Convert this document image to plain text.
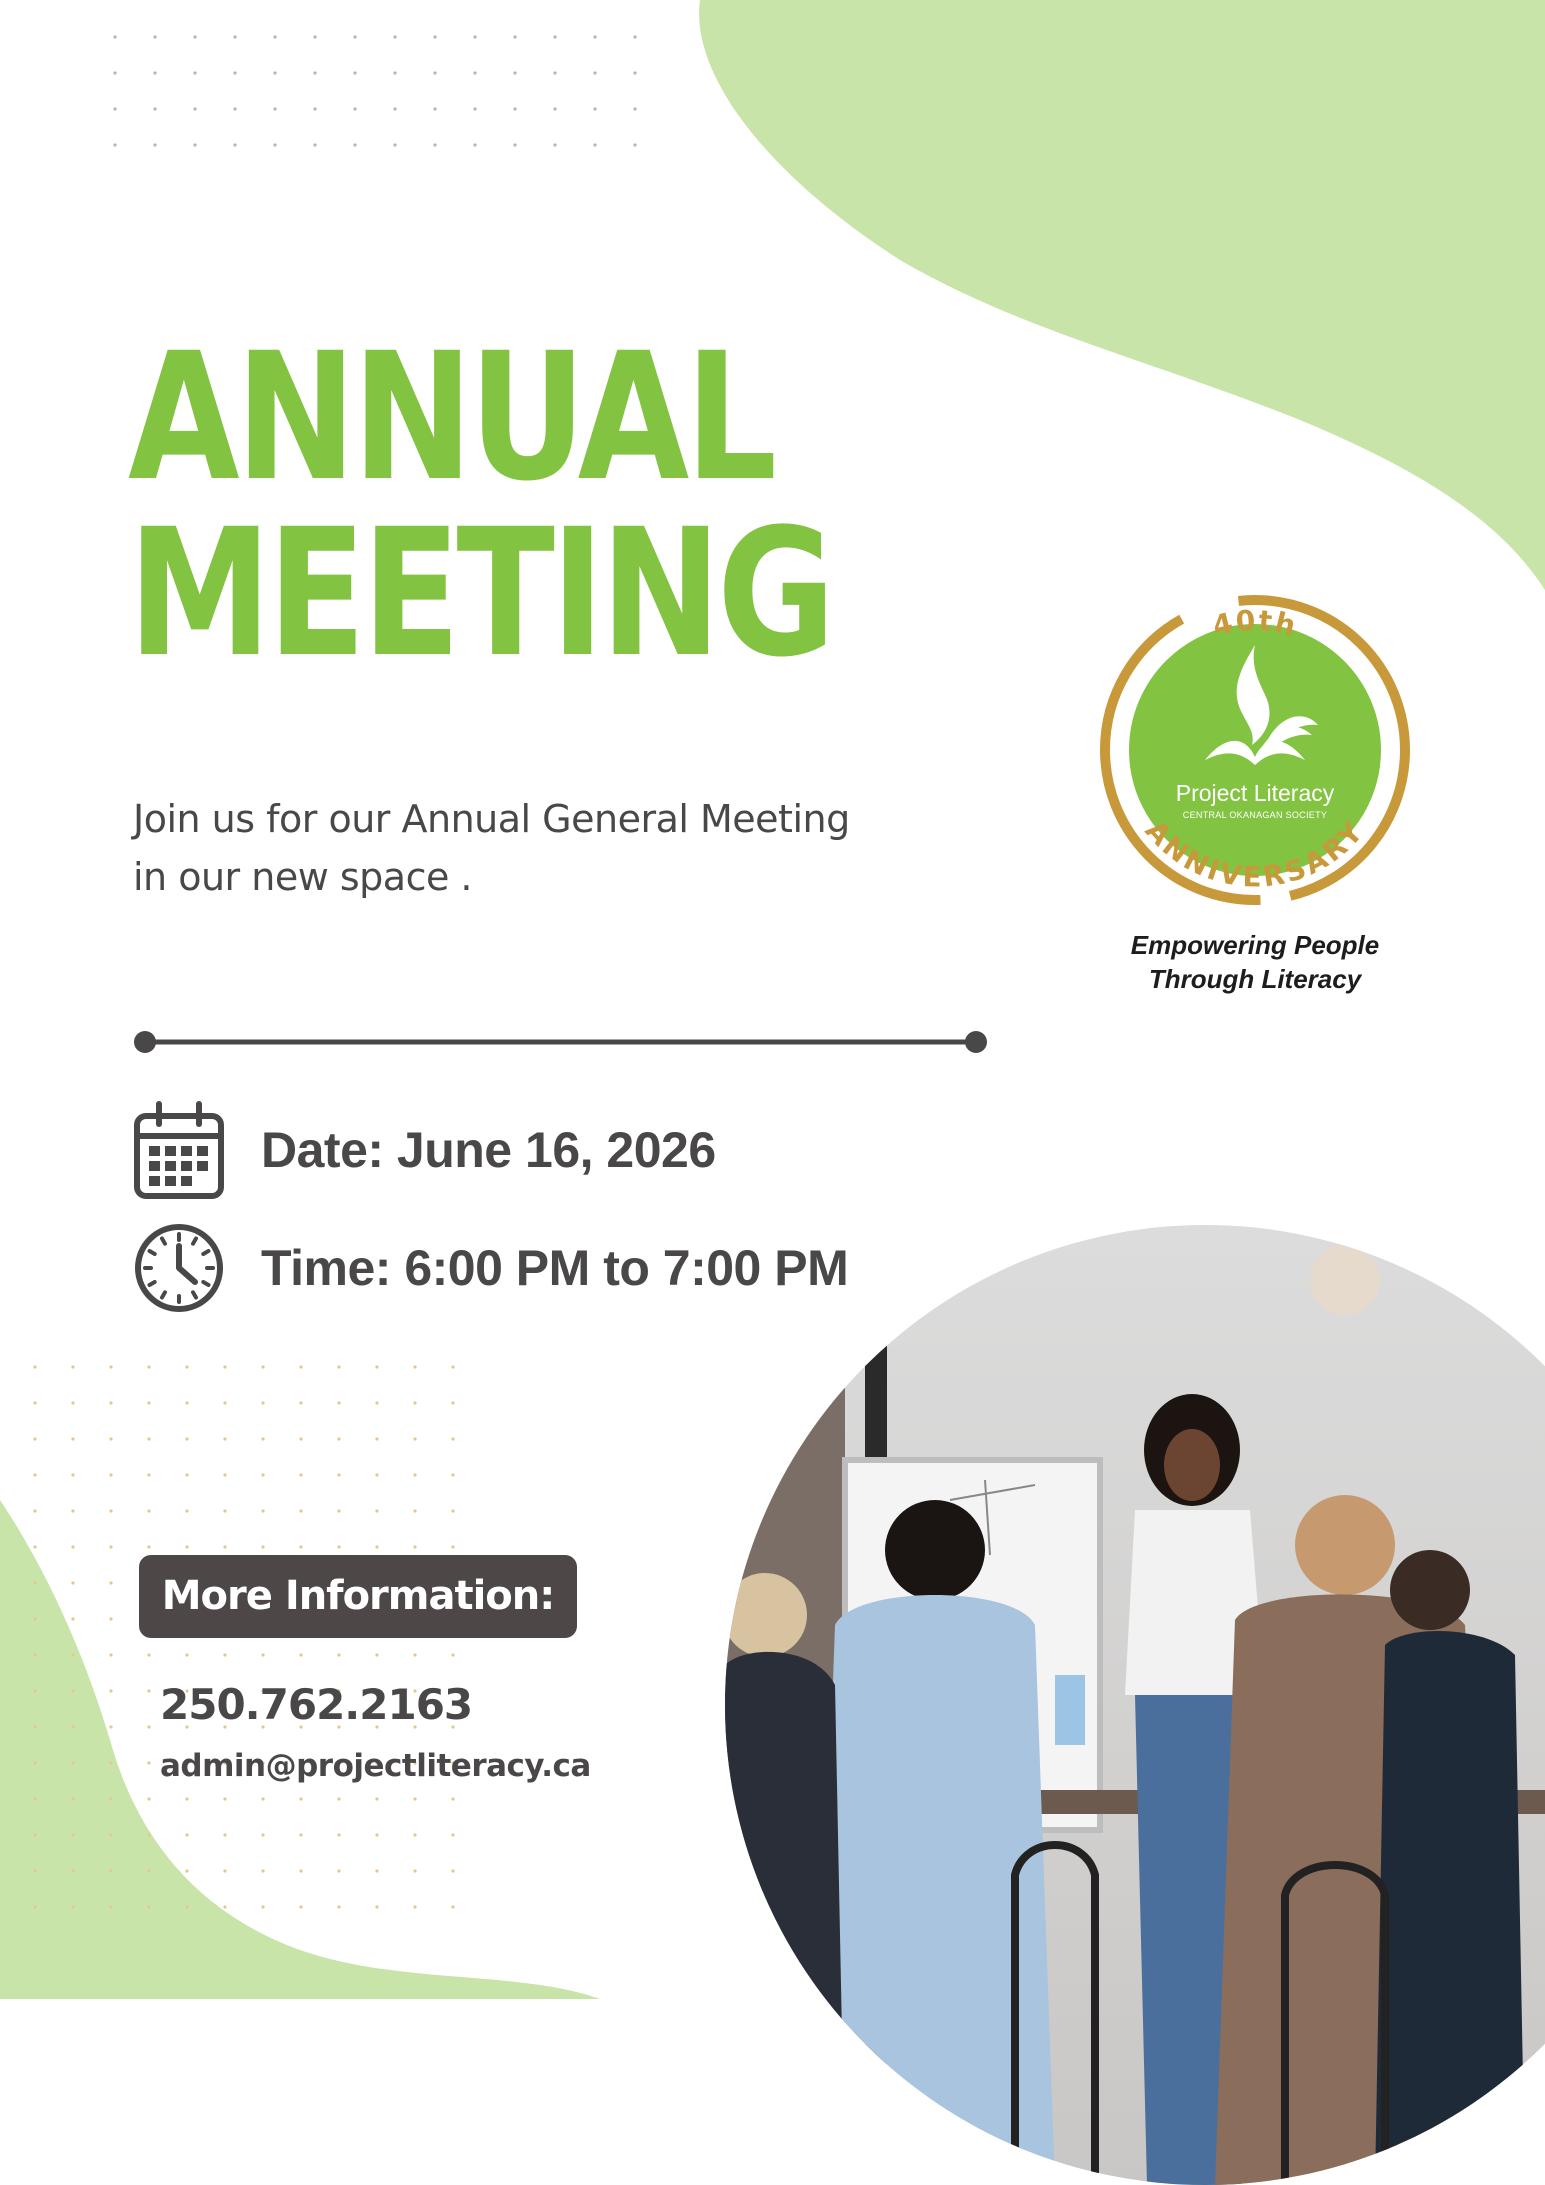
ANNUAL
MEETING

Join us for our Annual General Meeting
in our new space .

Date: June 16, 2026
Time: 6:00 PM to 7:00 PM
More Information:
250.762.2163
admin@projectliteracy.ca
40th
ANNIVERSARY
Project Literacy
CENTRAL OKANAGAN SOCIETY
Empowering People
Through Literacy
